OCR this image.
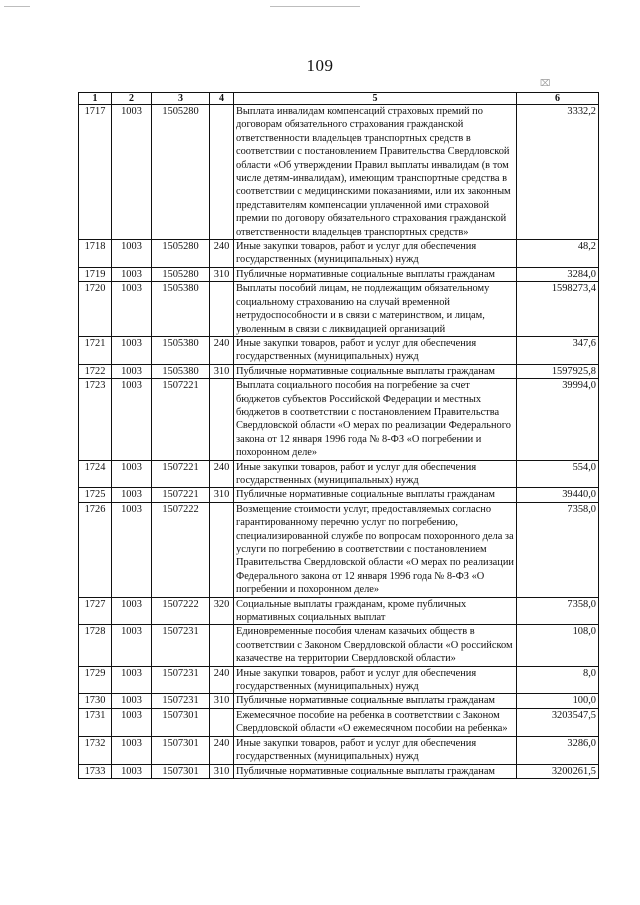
109
⌧
1	2	3	4	5	6
1717	1003	1505280		Выплата инвалидам компенсаций страховых премий по договорам обязательного страхования гражданской ответственности владельцев транспортных средств в соответствии с постановлением Правительства Свердловской области «Об утверждении Правил выплаты инвалидам (в том числе детям-инвалидам), имеющим транспортные средства в соответствии с медицинскими показаниями, или их законным представителям компенсации уплаченной ими страховой премии по договору обязательного страхования гражданской ответственности владельцев транспортных средств»	3332,2
1718	1003	1505280	240	Иные закупки товаров, работ и услуг для обеспечения государственных (муниципальных) нужд	48,2
1719	1003	1505280	310	Публичные нормативные социальные выплаты гражданам	3284,0
1720	1003	1505380		Выплаты пособий лицам, не подлежащим обязательному социальному страхованию на случай временной нетрудоспособности и в связи с материнством, и лицам, уволенным в связи с ликвидацией организаций	1598273,4
1721	1003	1505380	240	Иные закупки товаров, работ и услуг для обеспечения государственных (муниципальных) нужд	347,6
1722	1003	1505380	310	Публичные нормативные социальные выплаты гражданам	1597925,8
1723	1003	1507221		Выплата социального пособия на погребение за счет бюджетов субъектов Российской Федерации и местных бюджетов в соответствии с постановлением Правительства Свердловской области «О мерах по реализации Федерального закона от 12 января 1996 года № 8-ФЗ «О погребении и похоронном деле»	39994,0
1724	1003	1507221	240	Иные закупки товаров, работ и услуг для обеспечения государственных (муниципальных) нужд	554,0
1725	1003	1507221	310	Публичные нормативные социальные выплаты гражданам	39440,0
1726	1003	1507222		Возмещение стоимости услуг, предоставляемых согласно гарантированному перечню услуг по погребению, специализированной службе по вопросам похоронного дела за услуги по погребению в соответствии с постановлением Правительства Свердловской области «О мерах по реализации Федерального закона от 12 января 1996 года № 8-ФЗ «О погребении и похоронном деле»	7358,0
1727	1003	1507222	320	Социальные выплаты гражданам, кроме публичных нормативных социальных выплат	7358,0
1728	1003	1507231		Единовременные пособия членам казачьих обществ в соответствии с Законом Свердловской области «О российском казачестве на территории Свердловской области»	108,0
1729	1003	1507231	240	Иные закупки товаров, работ и услуг для обеспечения государственных (муниципальных) нужд	8,0
1730	1003	1507231	310	Публичные нормативные социальные выплаты гражданам	100,0
1731	1003	1507301		Ежемесячное пособие на ребенка в соответствии с Законом Свердловской области «О ежемесячном пособии на ребенка»	3203547,5
1732	1003	1507301	240	Иные закупки товаров, работ и услуг для обеспечения государственных (муниципальных) нужд	3286,0
1733	1003	1507301	310	Публичные нормативные социальные выплаты гражданам	3200261,5
